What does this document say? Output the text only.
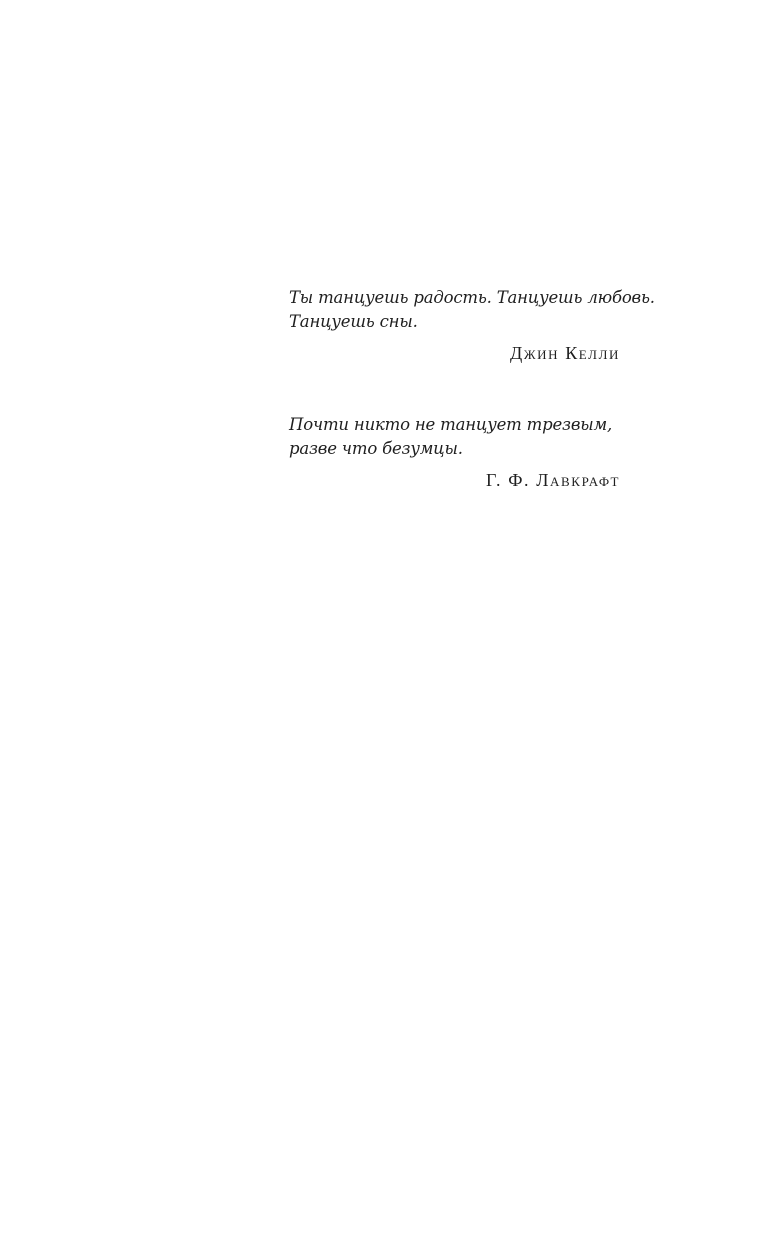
Ты танцуешь радость. Танцуешь любовь.
Танцуешь сны.
Джин Келли
Почти никто не танцует трезвым,
разве что безумцы.
Г. Ф. Лавкрафт
